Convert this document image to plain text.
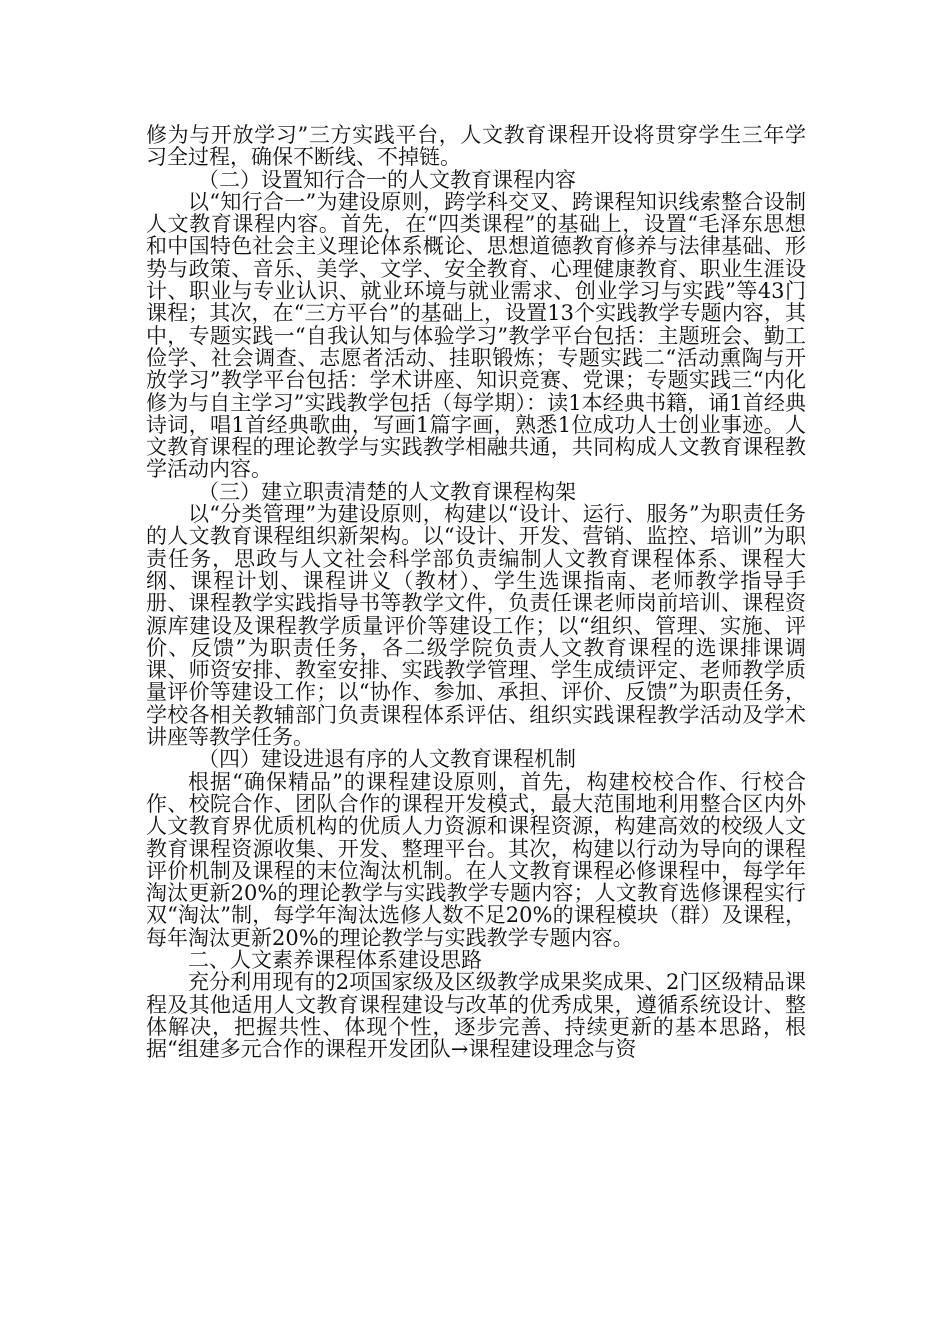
修为与开放学习”三方实践平台，人文教育课程开设将贯穿学生三年学习全过程，确保不断线、不掉链。

（二）设置知行合一的人文教育课程内容

以“知行合一”为建设原则，跨学科交叉、跨课程知识线索整合设制人文教育课程内容。首先，在“四类课程”的基础上，设置“毛泽东思想和中国特色社会主义理论体系概论、思想道德教育修养与法律基础、形势与政策、音乐、美学、文学、安全教育、心理健康教育、职业生涯设计、职业与专业认识、就业环境与就业需求、创业学习与实践”等43门课程；其次，在“三方平台”的基础上，设置13个实践教学专题内容，其中，专题实践一“自我认知与体验学习”教学平台包括：主题班会、勤工俭学、社会调查、志愿者活动、挂职锻炼；专题实践二“活动熏陶与开放学习”教学平台包括：学术讲座、知识竞赛、党课；专题实践三“内化修为与自主学习”实践教学包括（每学期）：读1本经典书籍，诵1首经典诗词，唱1首经典歌曲，写画1篇字画，熟悉1位成功人士创业事迹。人文教育课程的理论教学与实践教学相融共通，共同构成人文教育课程教学活动内容。

（三）建立职责清楚的人文教育课程构架

以“分类管理”为建设原则，构建以“设计、运行、服务”为职责任务的人文教育课程组织新架构。以“设计、开发、营销、监控、培训”为职责任务，思政与人文社会科学部负责编制人文教育课程体系、课程大纲、课程计划、课程讲义（教材）、学生选课指南、老师教学指导手册、课程教学实践指导书等教学文件，负责任课老师岗前培训、课程资源库建设及课程教学质量评价等建设工作；以“组织、管理、实施、评价、反馈”为职责任务，各二级学院负责人文教育课程的选课排课调课、师资安排、教室安排、实践教学管理、学生成绩评定、老师教学质量评价等建设工作；以“协作、参加、承担、评价、反馈”为职责任务，学校各相关教辅部门负责课程体系评估、组织实践课程教学活动及学术讲座等教学任务。

（四）建设进退有序的人文教育课程机制

根据“确保精品”的课程建设原则，首先，构建校校合作、行校合作、校院合作、团队合作的课程开发模式，最大范围地利用整合区内外人文教育界优质机构的优质人力资源和课程资源，构建高效的校级人文教育课程资源收集、开发、整理平台。其次，构建以行动为导向的课程评价机制及课程的末位淘汰机制。在人文教育课程必修课程中，每学年淘汰更新20%的理论教学与实践教学专题内容；人文教育选修课程实行双“淘汰”制，每学年淘汰选修人数不足20%的课程模块（群）及课程，每年淘汰更新20%的理论教学与实践教学专题内容。

二、人文素养课程体系建设思路

充分利用现有的2项国家级及区级教学成果奖成果、2门区级精品课程及其他适用人文教育课程建设与改革的优秀成果，遵循系统设计、整体解决，把握共性、体现个性，逐步完善、持续更新的基本思路，根据“组建多元合作的课程开发团队→课程建设理念与资
